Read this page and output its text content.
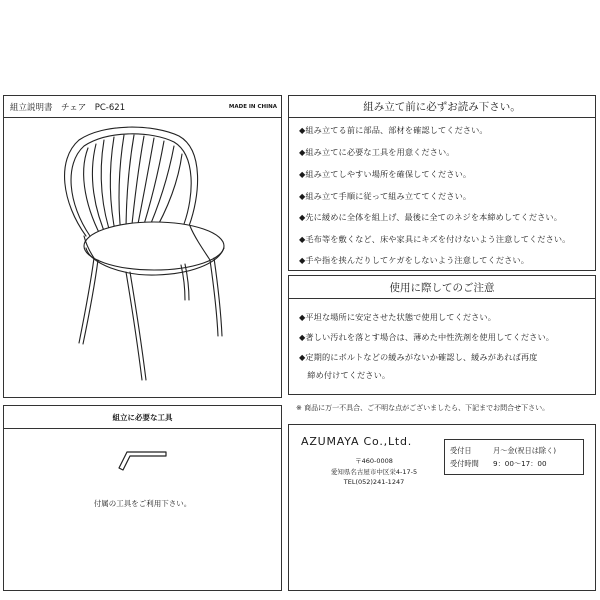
組立説明書　チェア　PC-621	MADE IN CHINA
組立に必要な工具
付属の工具をご利用下さい。
組み立て前に必ずお読み下さい。
◆組み立てる前に部品、部材を確認してください。
◆組み立てに必要な工具を用意ください。
◆組み立てしやすい場所を確保してください。
◆組み立て手順に従って組み立ててください。
◆先に緩めに全体を組上げ、最後に全てのネジを本締めしてください。
◆毛布等を敷くなど、床や家具にキズを付けないよう注意してください。
◆手や指を挟んだりしてケガをしないよう注意してください。
使用に際してのご注意
◆平坦な場所に安定させた状態で使用してください。
◆著しい汚れを落とす場合は、薄めた中性洗剤を使用してください。
◆定期的にボルトなどの緩みがないか確認し、緩みがあれば再度
　締め付けてください。
※ 商品に万一不具合、ご不明な点がございましたら、下記までお問合せ下さい。
AZUMAYA Co.,Ltd.
〒460-0008
愛知県名古屋市中区栄4-17-5
TEL(052)241-1247
受付日	月～金(祝日は除く)
受付時間 9：00～17：00
